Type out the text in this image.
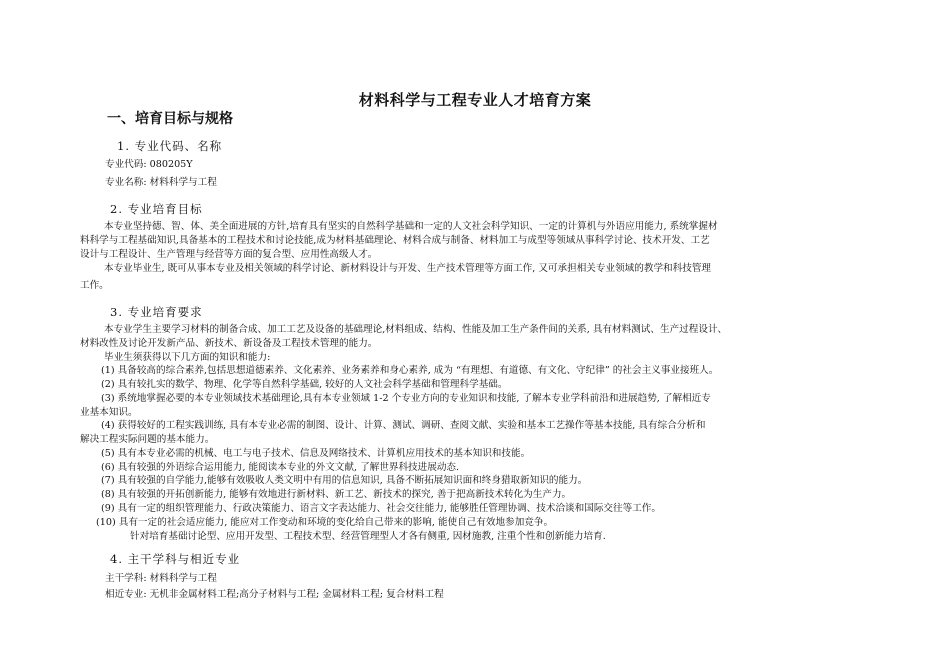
材料科学与工程专业人才培育方案
一、培育目标与规格
1. 专业代码、名称
专业代码: 080205Y
专业名称: 材料科学与工程
2. 专业培育目标
本专业坚持德、智、体、美全面进展的方针,培育具有坚实的自然科学基础和一定的人文社会科学知识、一定的计算机与外语应用能力, 系统掌握材
料科学与工程基础知识,具备基本的工程技术和讨论技能,成为材料基础理论、材料合成与制备、材料加工与成型等领域从事科学讨论、技术开发、工艺
设计与工程设计、生产管理与经营等方面的复合型、应用性高级人才。
本专业毕业生, 既可从事本专业及相关领域的科学讨论、新材料设计与开发、生产技术管理等方面工作, 又可承担相关专业领域的教学和科技管理
工作。
3. 专业培育要求
本专业学生主要学习材料的制备合成、加工工艺及设备的基础理论,材料组成、结构、性能及加工生产条件间的关系, 具有材料测试、生产过程设计、
材料改性及讨论开发新产品、新技术、新设备及工程技术管理的能力。
毕业生须获得以下几方面的知识和能力:
(1) 具备较高的综合素养,包括思想道德素养、文化素养、业务素养和身心素养, 成为 “有理想、有道德、有文化、守纪律” 的社会主义事业接班人。
(2) 具有较扎实的数学、物理、化学等自然科学基础, 较好的人文社会科学基础和管理科学基础。
(3) 系统地掌握必要的本专业领域技术基础理论,具有本专业领域 1-2 个专业方向的专业知识和技能, 了解本专业学科前沿和进展趋势, 了解相近专
业基本知识。
(4) 获得较好的工程实践训练, 具有本专业必需的制图、设计、计算、测试、调研、查阅文献、实验和基本工艺操作等基本技能, 具有综合分析和
解决工程实际问题的基本能力。
(5) 具有本专业必需的机械、电工与电子技术、信息及网络技术、计算机应用技术的基本知识和技能。
(6) 具有较强的外语综合运用能力, 能阅读本专业的外文文献, 了解世界科技进展动态.
(7) 具有较强的自学能力,能够有效吸收人类文明中有用的信息知识, 具备不断拓展知识面和终身猎取新知识的能力。
(8) 具有较强的开拓创新能力, 能够有效地进行新材料、新工艺、新技术的探究, 善于把高新技术转化为生产力。
(9) 具有一定的组织管理能力、行政决策能力、语言文字表达能力、社会交往能力, 能够胜任管理协调、技术洽谈和国际交往等工作。
(10) 具有一定的社会适应能力, 能应对工作变动和环境的变化给自己带来的影响, 能使自己有效地参加竞争。
针对培育基础讨论型、应用开发型、工程技术型、经营管理型人才各有侧重, 因材施教, 注重个性和创新能力培育.
4. 主干学科与相近专业
主干学科: 材料科学与工程
相近专业: 无机非金属材料工程;高分子材料与工程; 金属材料工程; 复合材料工程
